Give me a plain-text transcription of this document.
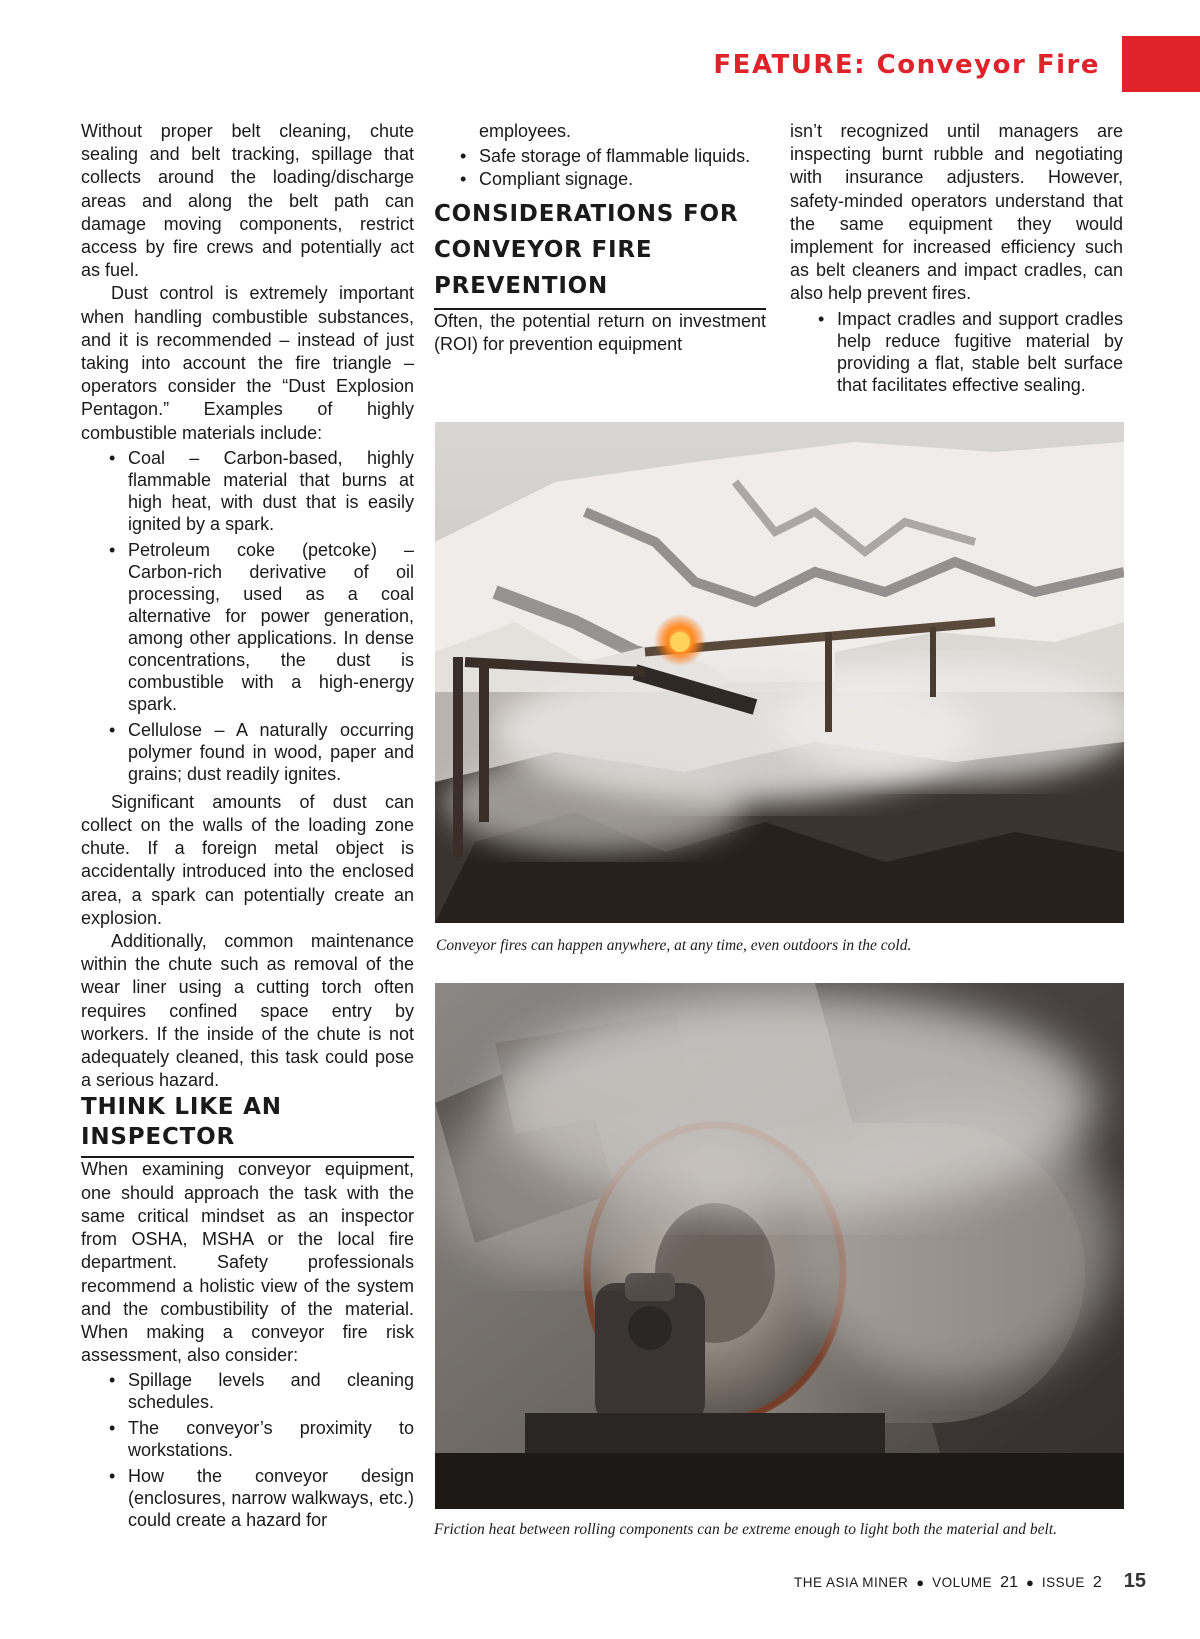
FEATURE: Conveyor Fire

Without proper belt cleaning, chute sealing and belt tracking, spillage that collects around the loading/discharge areas and along the belt path can damage moving components, restrict access by fire crews and potentially act as fuel.

Dust control is extremely important when handling combustible substances, and it is recommended – instead of just taking into account the fire triangle – operators consider the “Dust Explosion Pentagon.” Examples of highly combustible materials include:

• Coal – Carbon-based, highly flammable material that burns at high heat, with dust that is easily ignited by a spark.
• Petroleum coke (petcoke) – Carbon-rich derivative of oil processing, used as a coal alternative for power generation, among other applications. In dense concentrations, the dust is combustible with a high-energy spark.
• Cellulose – A naturally occurring polymer found in wood, paper and grains; dust readily ignites.

Significant amounts of dust can collect on the walls of the loading zone chute. If a foreign metal object is accidentally introduced into the enclosed area, a spark can potentially create an explosion.

Additionally, common maintenance within the chute such as removal of the wear liner using a cutting torch often requires confined space entry by workers. If the inside of the chute is not adequately cleaned, this task could pose a serious hazard.

THINK LIKE AN INSPECTOR

When examining conveyor equipment, one should approach the task with the same critical mindset as an inspector from OSHA, MSHA or the local fire department. Safety professionals recommend a holistic view of the system and the combustibility of the material. When making a conveyor fire risk assessment, also consider:

• Spillage levels and cleaning schedules.
• The conveyor’s proximity to workstations.
• How the conveyor design (enclosures, narrow walkways, etc.) could create a hazard for

employees.

• Safe storage of flammable liquids.
• Compliant signage.
CONSIDERATIONS FOR CONVEYOR FIRE PREVENTION

Often, the potential return on investment (ROI) for prevention equipment

isn’t recognized until managers are inspecting burnt rubble and negotiating with insurance adjusters. However, safety-minded operators understand that the same equipment they would implement for increased efficiency such as belt cleaners and impact cradles, can also help prevent fires.

• Impact cradles and support cradles help reduce fugitive material by providing a flat, stable belt surface that facilitates effective sealing.
Conveyor fires can happen anywhere, at any time, even outdoors in the cold.
Friction heat between rolling components can be extreme enough to light both the material and belt.
THE ASIA MINER ● VOLUME 21 ● ISSUE 2 15
